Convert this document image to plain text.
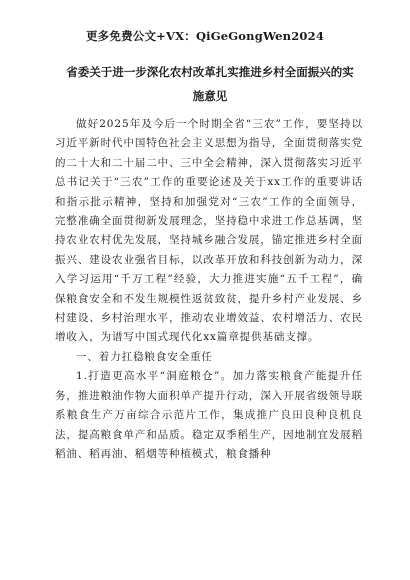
更多免费公文+VX：QiGeGongWen2024
省委关于进一步深化农村改革扎实推进乡村全面振兴的实施意见

做好2025年及今后一个时期全省“三农”工作，要坚持以习近平新时代中国特色社会主义思想为指导，全面贯彻落实党的二十大和二十届二中、三中全会精神，深入贯彻落实习近平总书记关于“三农”工作的重要论述及关于xx工作的重要讲话和指示批示精神，坚持和加强党对“三农”工作的全面领导，完整准确全面贯彻新发展理念，坚持稳中求进工作总基调，坚持农业农村优先发展，坚持城乡融合发展，锚定推进乡村全面振兴、建设农业强省目标，以改革开放和科技创新为动力，深入学习运用“千万工程”经验，大力推进实施“五千工程”，确保粮食安全和不发生规模性返贫致贫，提升乡村产业发展、乡村建设、乡村治理水平，推动农业增效益、农村增活力、农民增收入，为谱写中国式现代化xx篇章提供基础支撑。

一、着力扛稳粮食安全重任

1.打造更高水平“洞庭粮仓”。加力落实粮食产能提升任务，推进粮油作物大面积单产提升行动，深入开展省级领导联系粮食生产万亩综合示范片工作，集成推广良田良种良机良法，提高粮食单产和品质。稳定双季稻生产，因地制宜发展稻稻油、稻再油、稻烟等种植模式，粮食播种
